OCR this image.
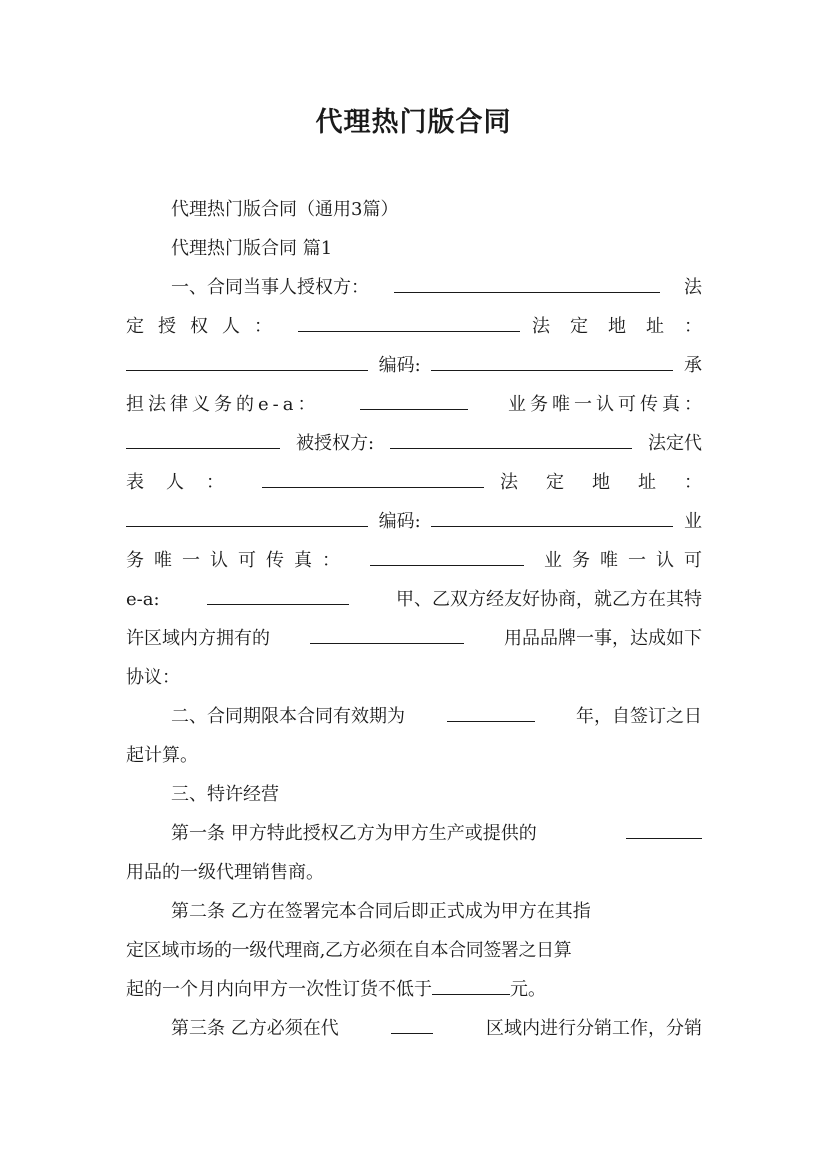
代理热门版合同
代理热门版合同（通用3篇）
代理热门版合同 篇1
一、合同当事人授权方：	法
定授权人：	法定地址：
编码:	承
担法律义务的e-a：	业务唯一认可传真：
被授权方:	法定代
表人：	法定地址：
编码:	业
务唯一认可传真：	业务唯一认可
e-a:	甲、乙双方经友好协商，就乙方在其特
许区域内方拥有的	用品品牌一事，达成如下
协议：
二、合同期限本合同有效期为	年，自签订之日
起计算。
三、特许经营
第一条 甲方特此授权乙方为甲方生产或提供的
用品的一级代理销售商。
第二条 乙方在签署完本合同后即正式成为甲方在其指
定区域市场的一级代理商,乙方必须在自本合同签署之日算
起的一个月内向甲方一次性订货不低于	元。
第三条 乙方必须在代	区域内进行分销工作，分销
